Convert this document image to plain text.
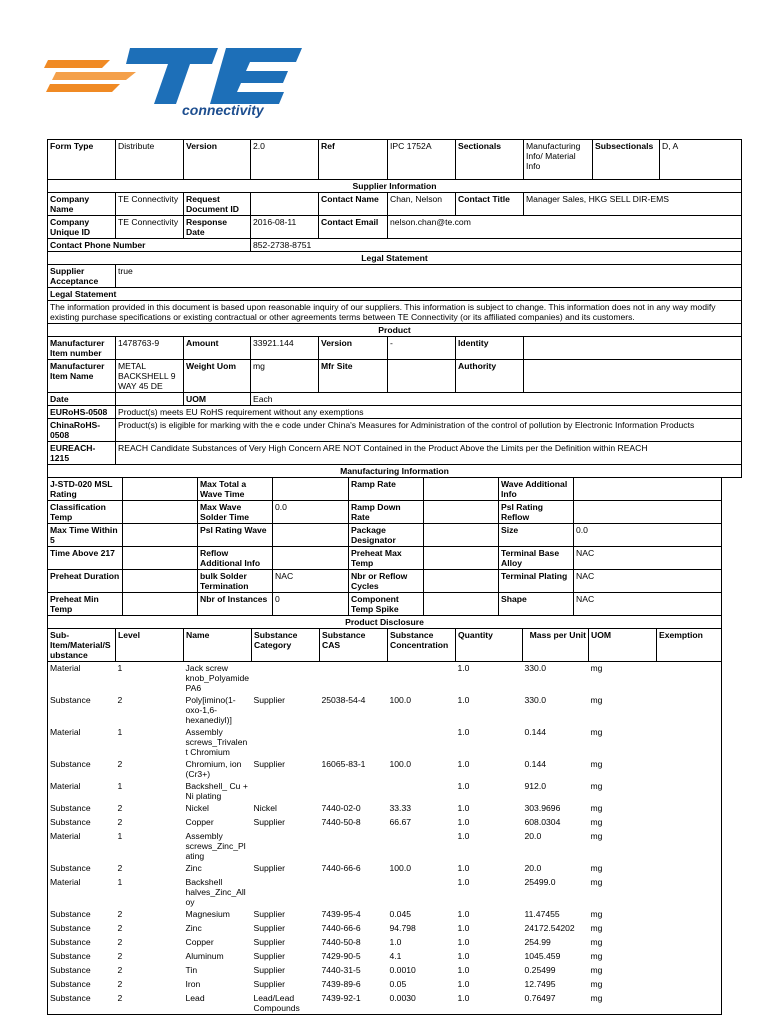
connectivity
Form Type	Distribute	Version	2.0	Ref	IPC 1752A	Sectionals	Manufacturing Info/ Material Info	Subsectionals	D, A
Supplier Information									
Company Name	TE Connectivity	Request Document ID		Contact Name	Chan, Nelson	Contact Title	Manager Sales, HKG SELL DIR-EMS		
Company Unique ID	TE Connectivity	Response Date	2016-08-11	Contact Email	nelson.chan@te.com				
Contact Phone Number			852-2738-8751						
Legal Statement									
Supplier Acceptance	true								
Legal Statement									
The information provided in this document is based upon reasonable inquiry of our suppliers. This information is subject to change. This information does not in any way modify existing purchase specifications or existing contractual or other agreements terms between TE Connectivity (or its affiliated companies) and its customers.									
Product									
Manufacturer Item number	1478763-9	Amount	33921.144	Version	-	Identity			
Manufacturer Item Name	METAL BACKSHELL 9 WAY 45 DE	Weight Uom	mg	Mfr Site		Authority			
Date		UOM	Each						
EURoHS-0508	Product(s) meets EU RoHS requirement without any exemptions								
ChinaRoHS-0508	Product(s) is eligible for marking with the e code under China's Measures for Administration of the control of pollution by Electronic Information Products								
EUREACH-1215	REACH Candidate Substances of Very High Concern ARE NOT Contained in the Product Above the Limits per the Definition within REACH								
Manufacturing Information									
J-STD-020 MSL Rating		Max Total a Wave Time		Ramp Rate		Wave Additional Info	
Classification Temp		Max Wave Solder Time	0.0	Ramp Down Rate		Psl Rating Reflow	
Max Time Within 5		Psl Rating Wave		Package Designator		Size	0.0
Time Above 217		Reflow Additional Info		Preheat Max Temp		Terminal Base Alloy	NAC
Preheat Duration		bulk Solder Termination	NAC	Nbr or Reflow Cycles		Terminal Plating	NAC
Preheat Min Temp		Nbr of Instances	0	Component Temp Spike		Shape	NAC
Product Disclosure							
Sub-Item/Material/Substance	Level	Name	Substance Category	Substance CAS	Substance Concentration	Quantity	Mass per Unit	UOM	Exemption
Material	1	Jack screw knob_Polyamide PA6				1.0	330.0	mg	
Substance	2	Poly[imino(1-oxo-1,6-hexanediyl)]	Supplier	25038-54-4	100.0	1.0	330.0	mg	
Material	1	Assembly screws_Trivalent Chromium				1.0	0.144	mg	
Substance	2	Chromium, ion (Cr3+)	Supplier	16065-83-1	100.0	1.0	0.144	mg	
Material	1	Backshell_ Cu + Ni plating				1.0	912.0	mg	
Substance	2	Nickel	Nickel	7440-02-0	33.33	1.0	303.9696	mg	
Substance	2	Copper	Supplier	7440-50-8	66.67	1.0	608.0304	mg	
Material	1	Assembly screws_Zinc_Plating				1.0	20.0	mg	
Substance	2	Zinc	Supplier	7440-66-6	100.0	1.0	20.0	mg	
Material	1	Backshell halves_Zinc_Alloy				1.0	25499.0	mg	
Substance	2	Magnesium	Supplier	7439-95-4	0.045	1.0	11.47455	mg	
Substance	2	Zinc	Supplier	7440-66-6	94.798	1.0	24172.54202	mg	
Substance	2	Copper	Supplier	7440-50-8	1.0	1.0	254.99	mg	
Substance	2	Aluminum	Supplier	7429-90-5	4.1	1.0	1045.459	mg	
Substance	2	Tin	Supplier	7440-31-5	0.0010	1.0	0.25499	mg	
Substance	2	Iron	Supplier	7439-89-6	0.05	1.0	12.7495	mg	
Substance	2	Lead	Lead/Lead Compounds	7439-92-1	0.0030	1.0	0.76497	mg	
